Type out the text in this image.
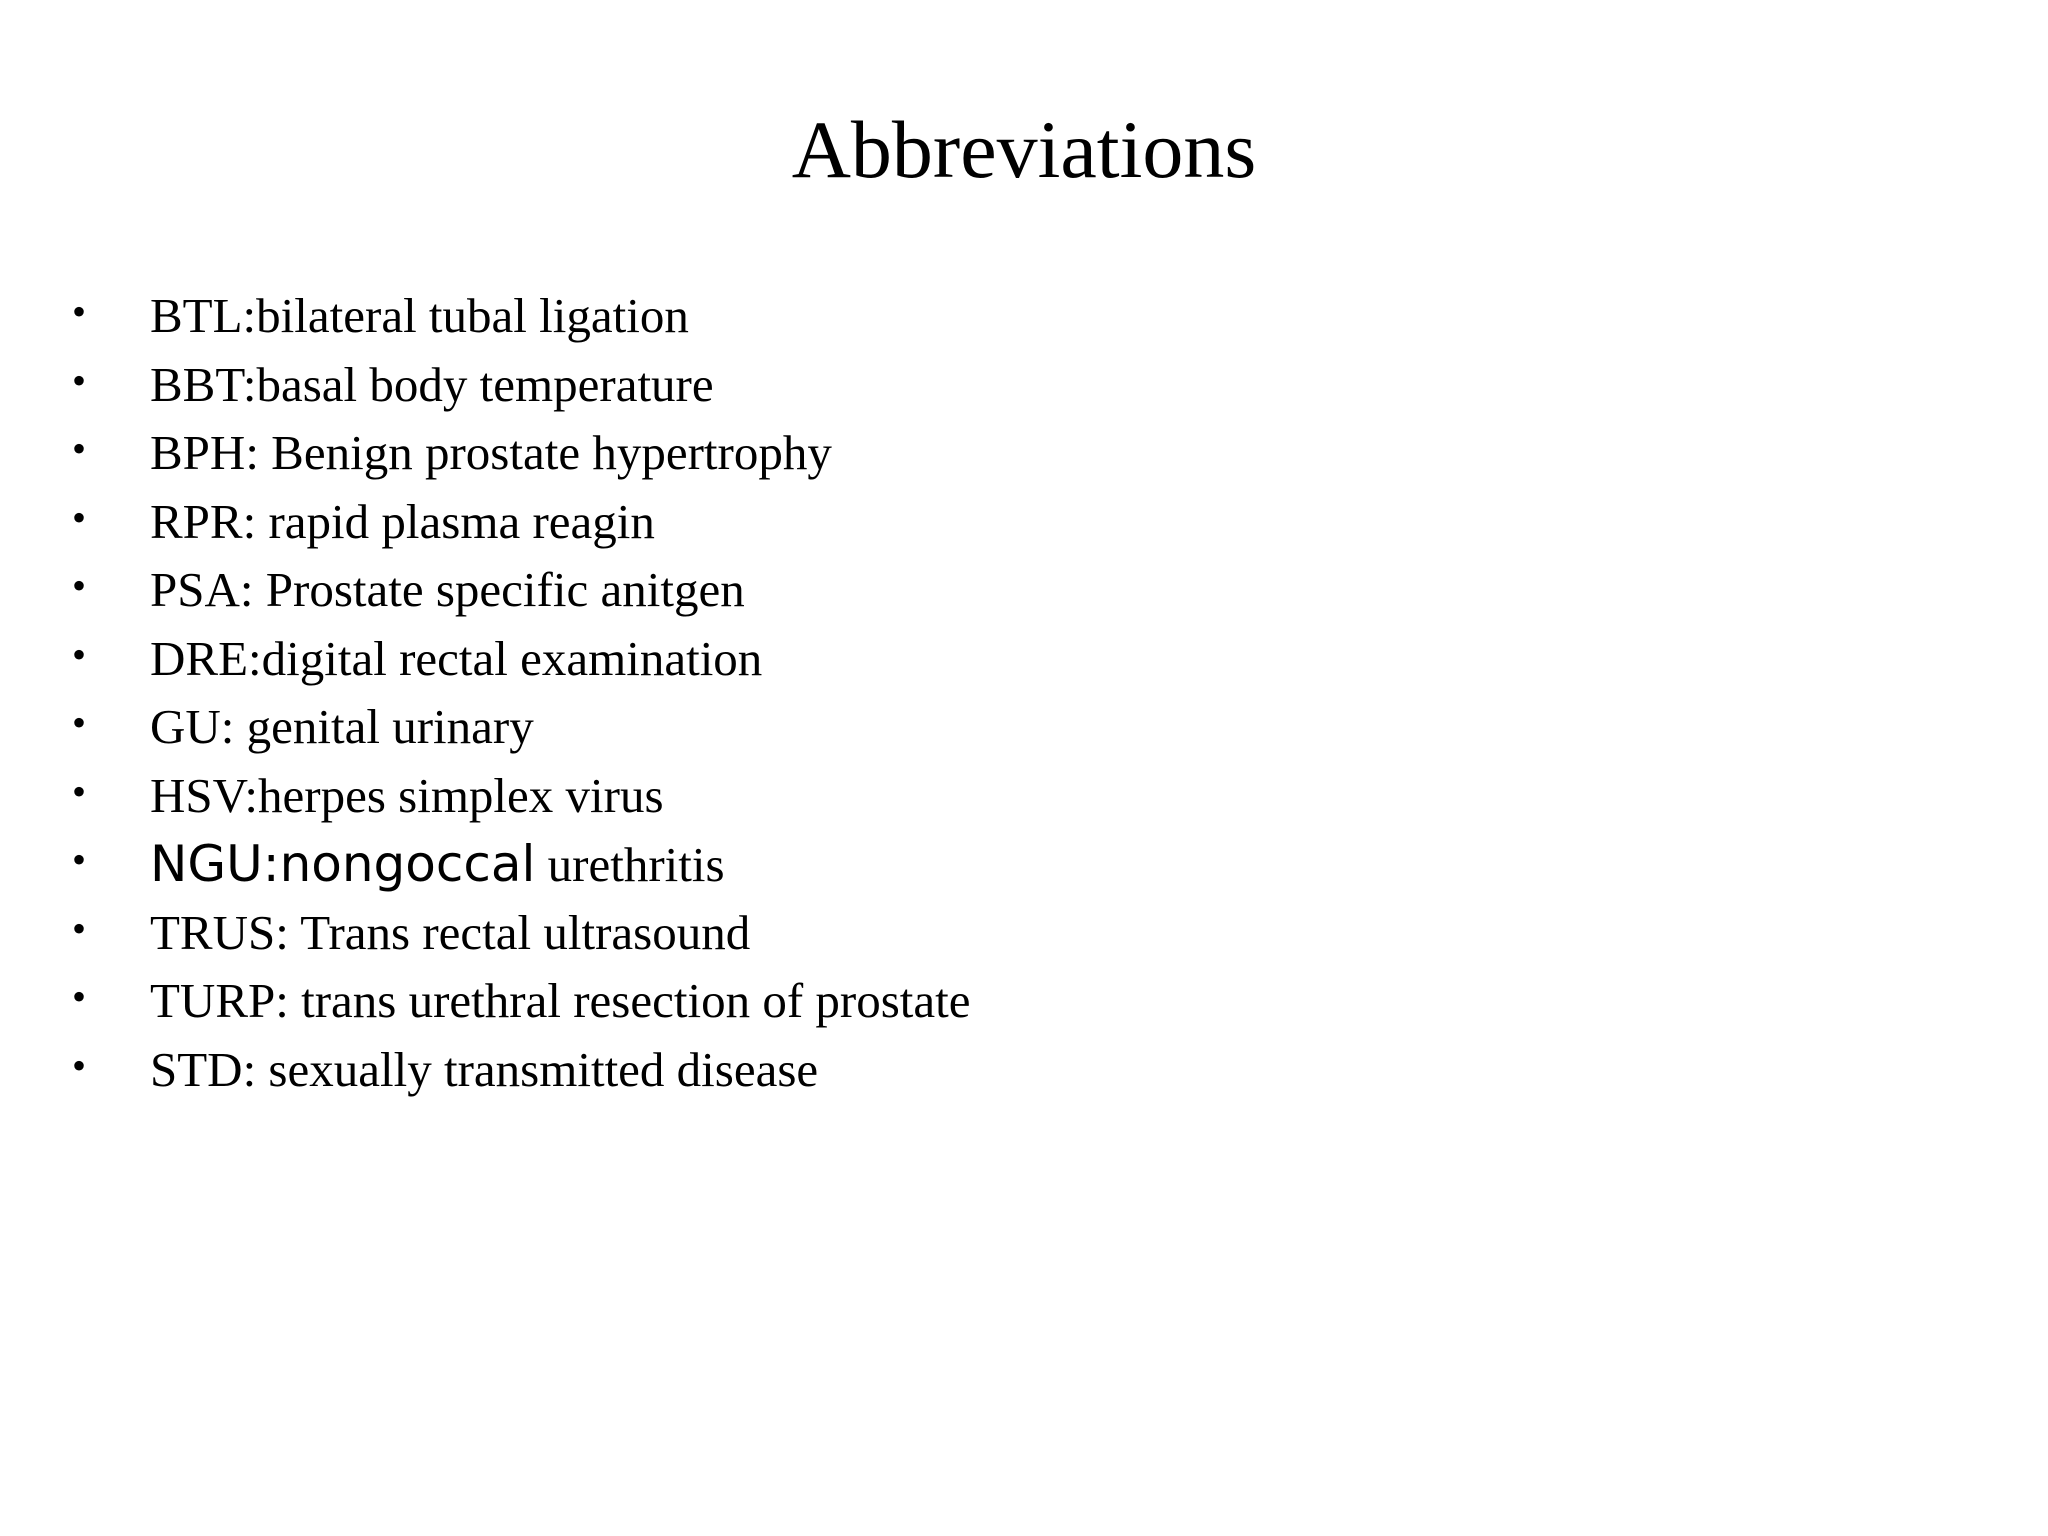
Abbreviations
• BTL:bilateral tubal ligation
• BBT:basal body temperature
• BPH: Benign prostate hypertrophy
• RPR: rapid plasma reagin
• PSA: Prostate specific anitgen
• DRE:digital rectal examination
• GU: genital urinary
• HSV:herpes simplex virus
• NGU:nongoccal urethritis
• TRUS: Trans rectal ultrasound
• TURP: trans urethral resection of prostate
• STD: sexually transmitted disease
